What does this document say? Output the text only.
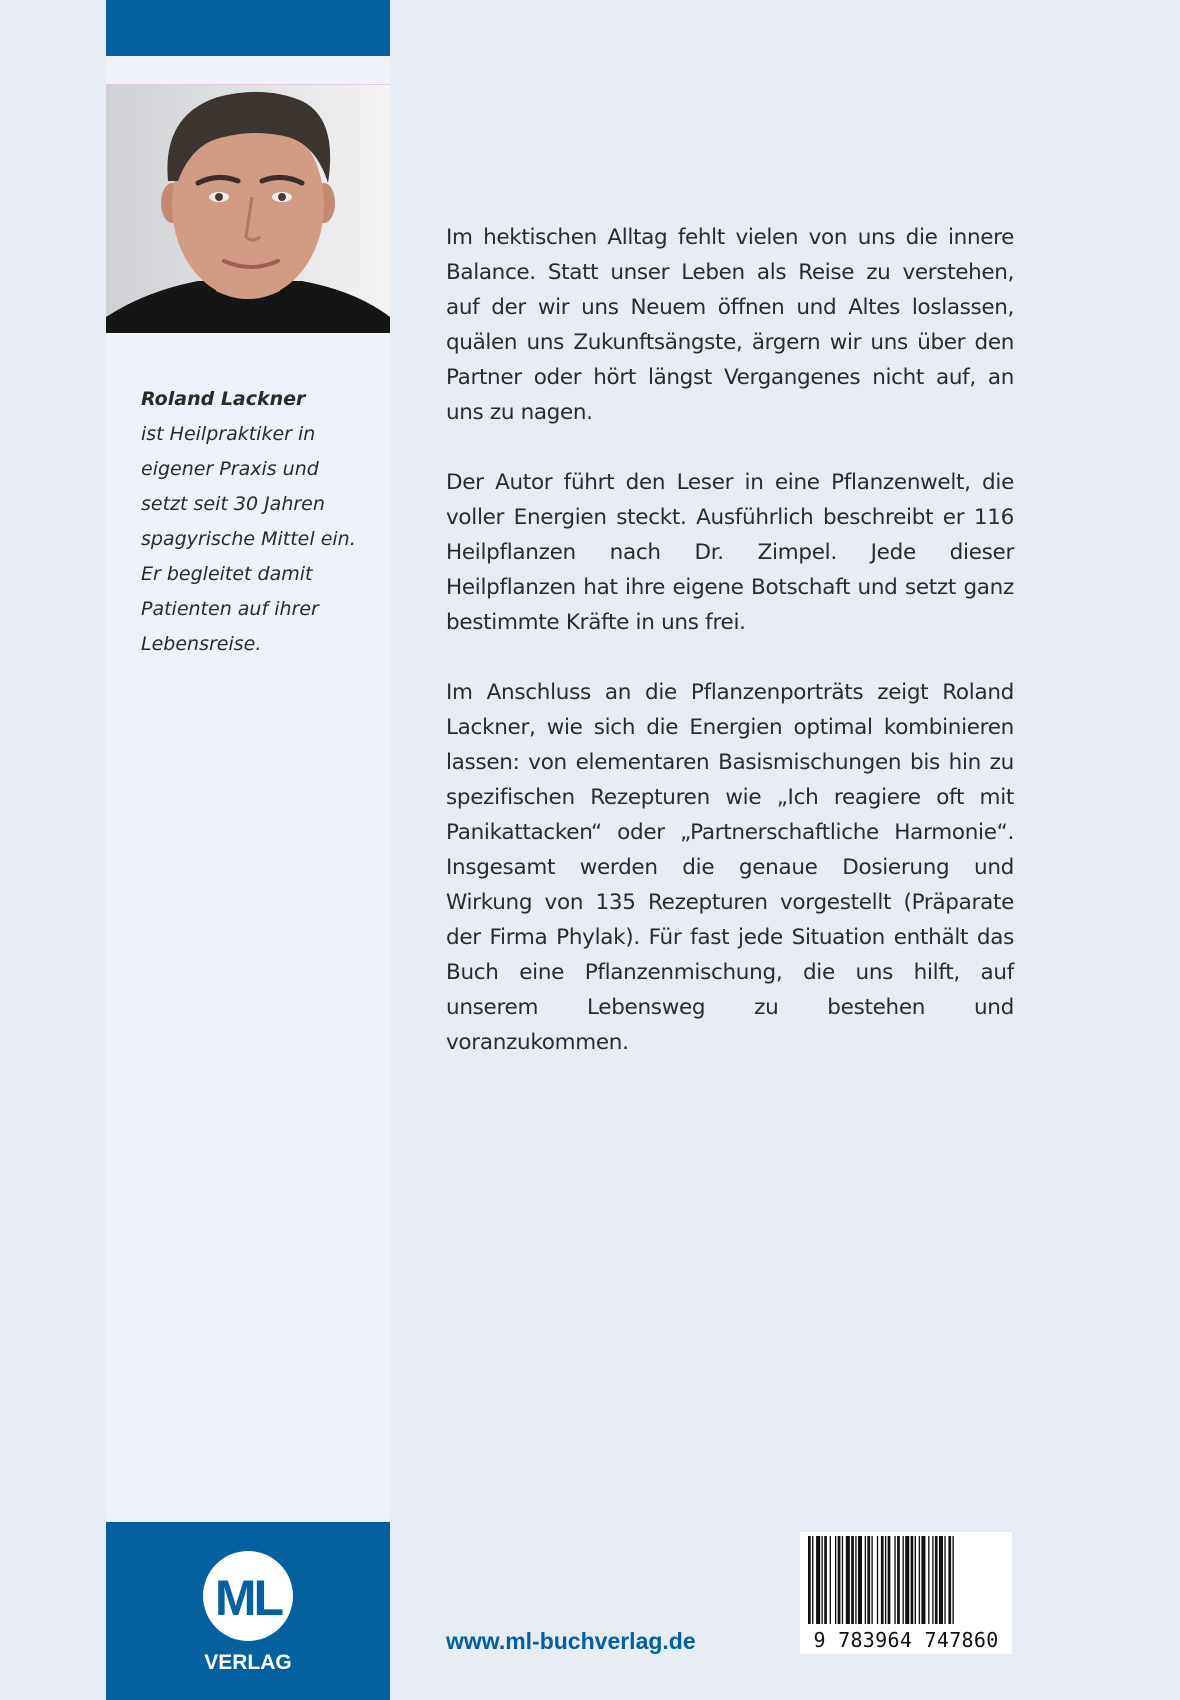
Roland Lackner
ist Heilpraktiker in eigener Praxis und setzt seit 30 Jahren spagyrische Mittel ein. Er begleitet damit Patienten auf ihrer Lebensreise.

ML
VERLAG

Im hektischen Alltag fehlt vielen von uns die innere Balance. Statt unser Leben als Reise zu verstehen, auf der wir uns Neuem öffnen und Altes loslassen, quälen uns Zukunftsängste, ärgern wir uns über den Partner oder hört längst Vergangenes nicht auf, an uns zu nagen.

Der Autor führt den Leser in eine Pflanzenwelt, die voller Energien steckt. Ausführlich beschreibt er 116 Heilpflanzen nach Dr. Zimpel. Jede dieser Heilpflanzen hat ihre eigene Botschaft und setzt ganz bestimmte Kräfte in uns frei.

Im Anschluss an die Pflanzenporträts zeigt Roland Lackner, wie sich die Energien optimal kombinieren lassen: von elementaren Basismischungen bis hin zu spezifischen Rezepturen wie „Ich reagiere oft mit Panikattacken“ oder „Partnerschaftliche Harmonie“. Insgesamt werden die genaue Dosierung und Wirkung von 135 Rezepturen vorgestellt (Präparate der Firma Phylak). Für fast jede Situation enthält das Buch eine Pflanzenmischung, die uns hilft, auf unserem Lebensweg zu bestehen und voranzukommen.

www.ml-buchverlag.de	9 783964 747860
